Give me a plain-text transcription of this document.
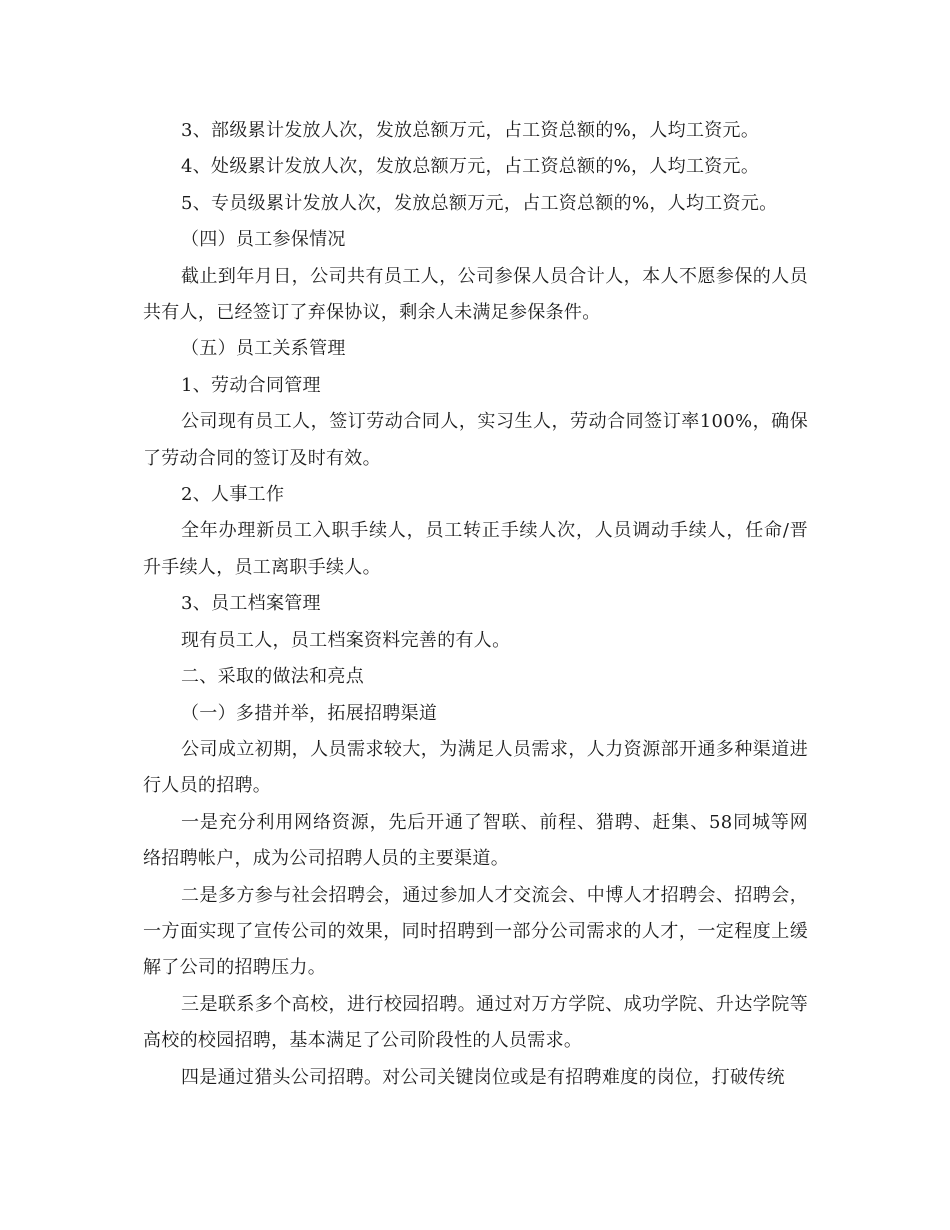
3、部级累计发放人次，发放总额万元，占工资总额的%，人均工资元。

4、处级累计发放人次，发放总额万元，占工资总额的%，人均工资元。

5、专员级累计发放人次，发放总额万元，占工资总额的%，人均工资元。

（四）员工参保情况

截止到年月日，公司共有员工人，公司参保人员合计人，本人不愿参保的人员共有人，已经签订了弃保协议，剩余人未满足参保条件。

（五）员工关系管理

1、劳动合同管理

公司现有员工人，签订劳动合同人，实习生人，劳动合同签订率100%，确保了劳动合同的签订及时有效。

2、人事工作

全年办理新员工入职手续人，员工转正手续人次，人员调动手续人，任命/晋升手续人，员工离职手续人。

3、员工档案管理

现有员工人，员工档案资料完善的有人。

二、采取的做法和亮点

（一）多措并举，拓展招聘渠道

公司成立初期，人员需求较大，为满足人员需求，人力资源部开通多种渠道进行人员的招聘。

一是充分利用网络资源，先后开通了智联、前程、猎聘、赶集、58同城等网络招聘帐户，成为公司招聘人员的主要渠道。

二是多方参与社会招聘会，通过参加人才交流会、中博人才招聘会、招聘会，一方面实现了宣传公司的效果，同时招聘到一部分公司需求的人才，一定程度上缓解了公司的招聘压力。

三是联系多个高校，进行校园招聘。通过对万方学院、成功学院、升达学院等高校的校园招聘，基本满足了公司阶段性的人员需求。

四是通过猎头公司招聘。对公司关键岗位或是有招聘难度的岗位，打破传统
